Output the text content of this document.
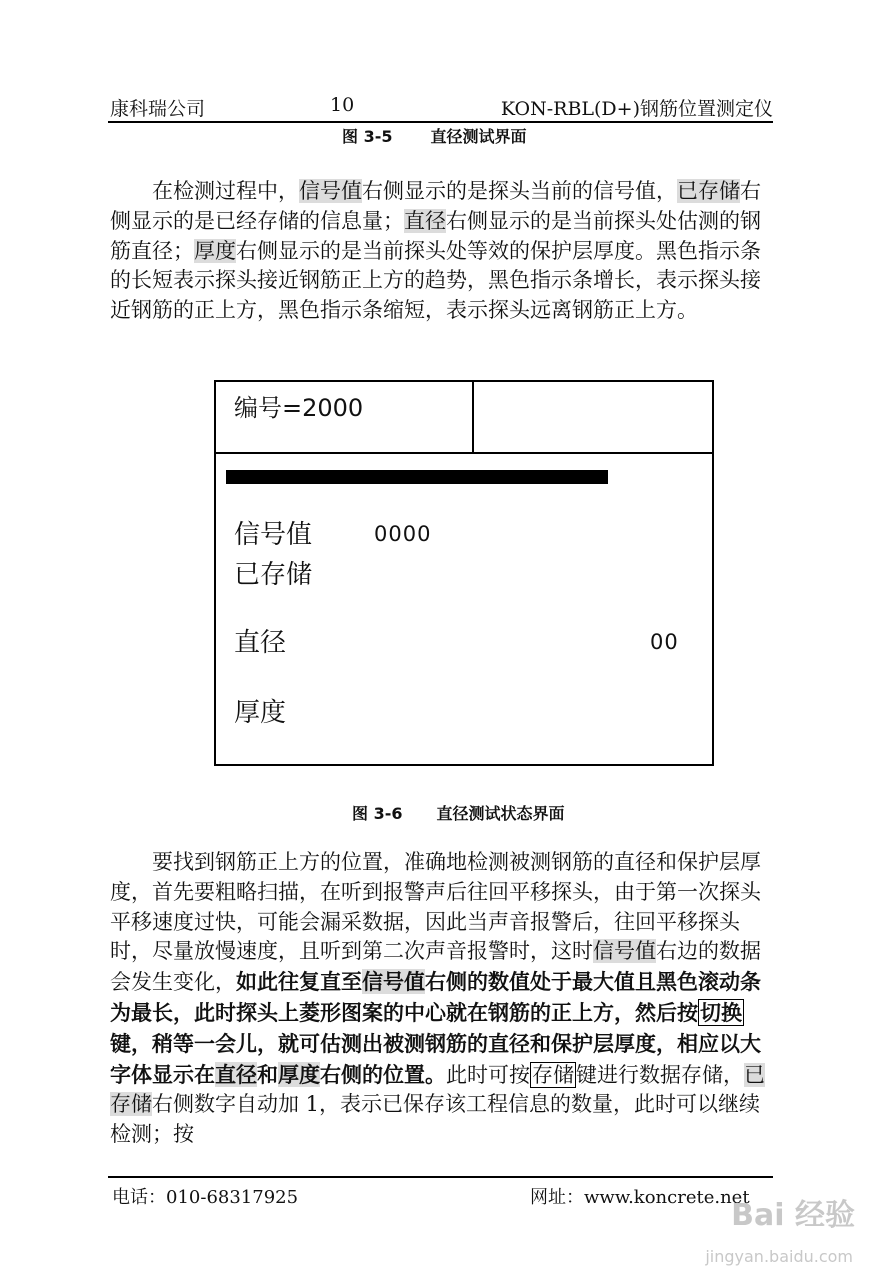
康科瑞公司	10	KON-RBL(D+)钢筋位置测定仪
图 3-5 直径测试界面
在检测过程中，信号值右侧显示的是探头当前的信号值，已存储右侧显示的是已经存储的信息量；直径右侧显示的是当前探头处估测的钢筋直径；厚度右侧显示的是当前探头处等效的保护层厚度。黑色指示条的长短表示探头接近钢筋正上方的趋势，黑色指示条增长，表示探头接近钢筋的正上方，黑色指示条缩短，表示探头远离钢筋正上方。
编号=2000
信号值	0000
已存储
直径	00
厚度
图 3-6 直径测试状态界面
要找到钢筋正上方的位置，准确地检测被测钢筋的直径和保护层厚度，首先要粗略扫描，在听到报警声后往回平移探头，由于第一次探头平移速度过快，可能会漏采数据，因此当声音报警后，往回平移探头时，尽量放慢速度，且听到第二次声音报警时，这时信号值右边的数据会发生变化，如此往复直至信号值右侧的数值处于最大值且黑色滚动条为最长，此时探头上菱形图案的中心就在钢筋的正上方，然后按切换键，稍等一会儿，就可估测出被测钢筋的直径和保护层厚度，相应以大字体显示在直径和厚度右侧的位置。此时可按存储键进行数据存储，已存储右侧数字自动加 1，表示已保存该工程信息的数量，此时可以继续检测；按
电话：010-68317925	网址：www.koncrete.net
Bai 经验
jingyan.baidu.com
